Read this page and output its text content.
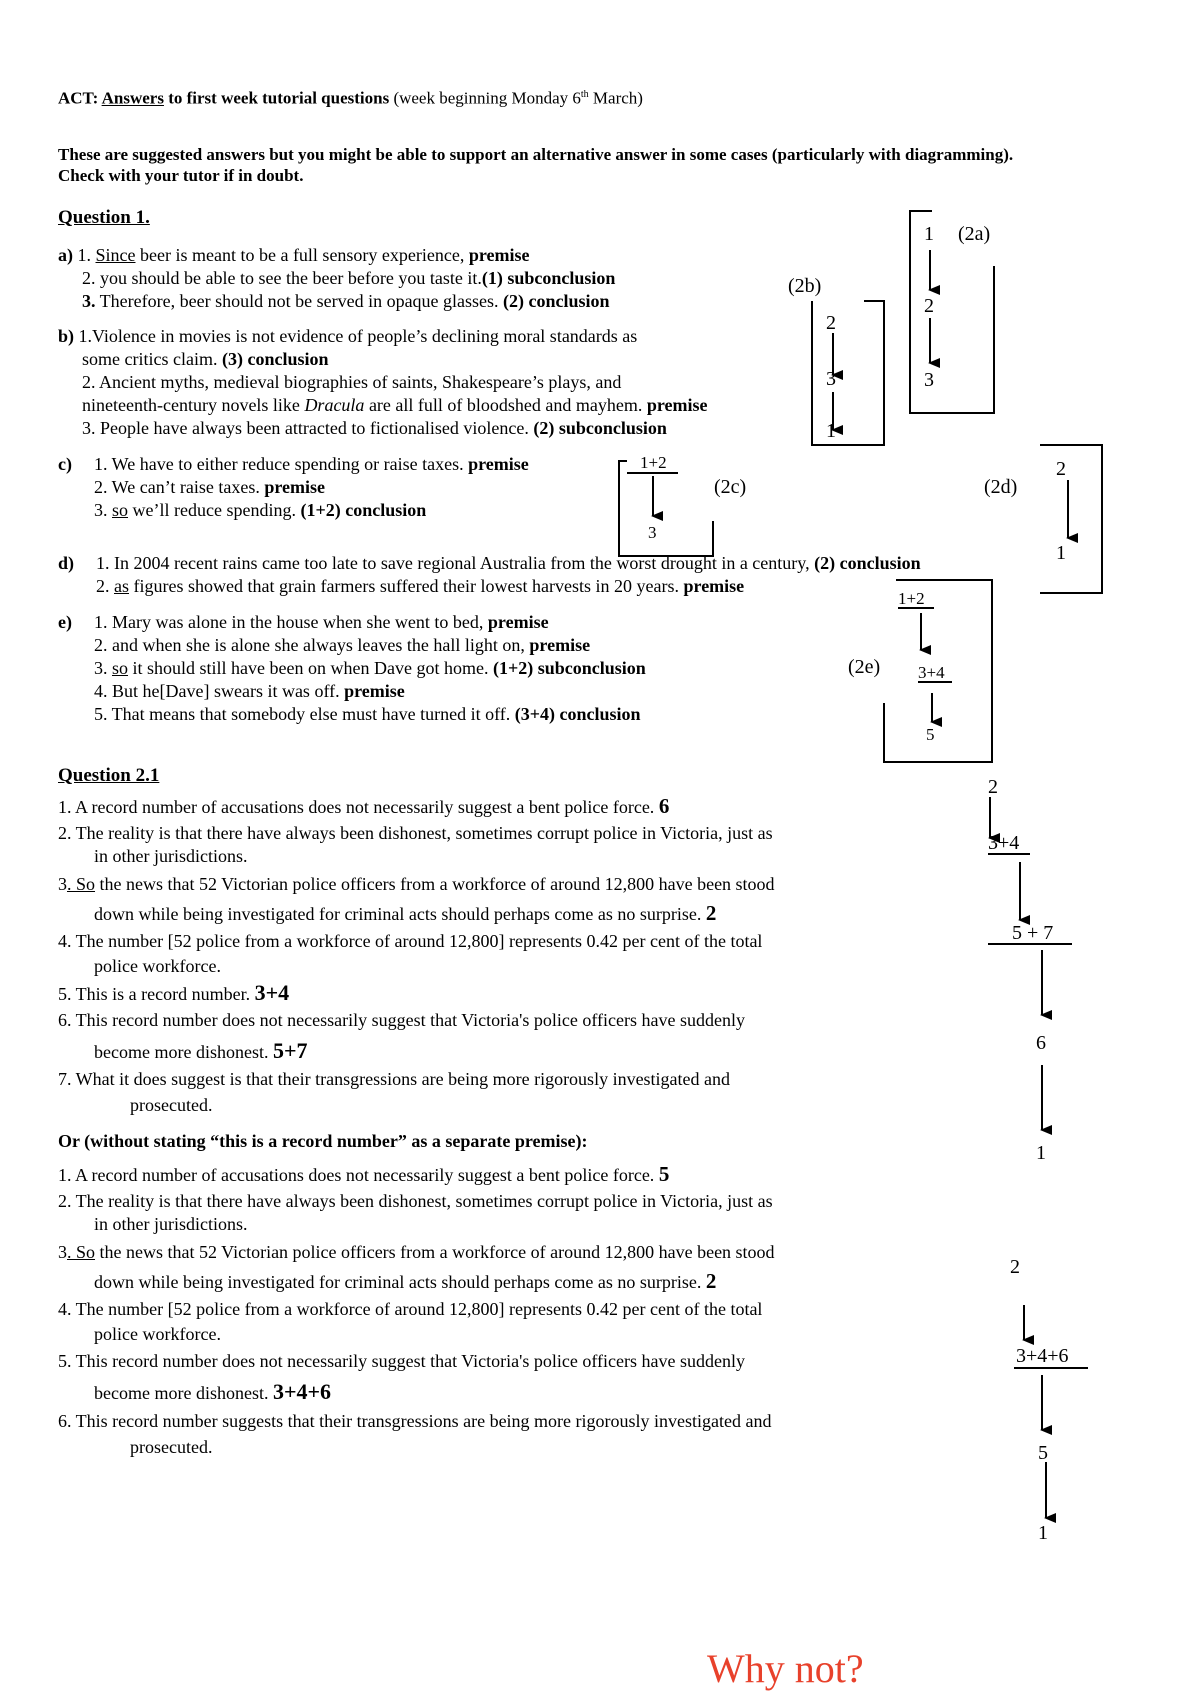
ACT: Answers to first week tutorial questions (week beginning Monday 6th March)
These are suggested answers but you might be able to support an alternative answer in some cases (particularly with diagramming).
Check with your tutor if in doubt.
Question 1.
a) 1. Since beer is meant to be a full sensory experience, premise
2. you should be able to see the beer before you taste it.(1) subconclusion
3. Therefore, beer should not be served in opaque glasses. (2) conclusion
b) 1.Violence in movies is not evidence of people’s declining moral standards as
some critics claim. (3) conclusion
2. Ancient myths, medieval biographies of saints, Shakespeare’s plays, and
nineteenth-century novels like Dracula are all full of bloodshed and mayhem. premise
3. People have always been attracted to fictionalised violence. (2) subconclusion
c) 1. We have to either reduce spending or raise taxes. premise
2. We can’t raise taxes. premise
3. so we’ll reduce spending. (1+2) conclusion
d) 1. In 2004 recent rains came too late to save regional Australia from the worst drought in a century, (2) conclusion
2. as figures showed that grain farmers suffered their lowest harvests in 20 years. premise
e) 1. Mary was alone in the house when she went to bed, premise
2. and when she is alone she always leaves the hall light on, premise
3. so it should still have been on when Dave got home. (1+2) subconclusion
4. But he[Dave] swears it was off. premise
5. That means that somebody else must have turned it off. (3+4) conclusion
Question 2.1
1. A record number of accusations does not necessarily suggest a bent police force. 6
2. The reality is that there have always been dishonest, sometimes corrupt police in Victoria, just as
in other jurisdictions.
3. So the news that 52 Victorian police officers from a workforce of around 12,800 have been stood
down while being investigated for criminal acts should perhaps come as no surprise. 2
4. The number [52 police from a workforce of around 12,800] represents 0.42 per cent of the total
police workforce.
5. This is a record number. 3+4
6. This record number does not necessarily suggest that Victoria's police officers have suddenly
become more dishonest. 5+7
7. What it does suggest is that their transgressions are being more rigorously investigated and
prosecuted.
Or (without stating “this is a record number” as a separate premise):
1. A record number of accusations does not necessarily suggest a bent police force. 5
2. The reality is that there have always been dishonest, sometimes corrupt police in Victoria, just as
in other jurisdictions.
3. So the news that 52 Victorian police officers from a workforce of around 12,800 have been stood
down while being investigated for criminal acts should perhaps come as no surprise. 2
4. The number [52 police from a workforce of around 12,800] represents 0.42 per cent of the total
police workforce.
5. This record number does not necessarily suggest that Victoria's police officers have suddenly
become more dishonest. 3+4+6
6. This record number suggests that their transgressions are being more rigorously investigated and
prosecuted.
1 (2a)
2
3
(2b)
2
3
1
1+2
(2c)
3
(2d)
2
1
1+2
(2e) 3+4
5
2
3+4
5 + 7
6
1
2
3+4+6
5
1
Why not?
